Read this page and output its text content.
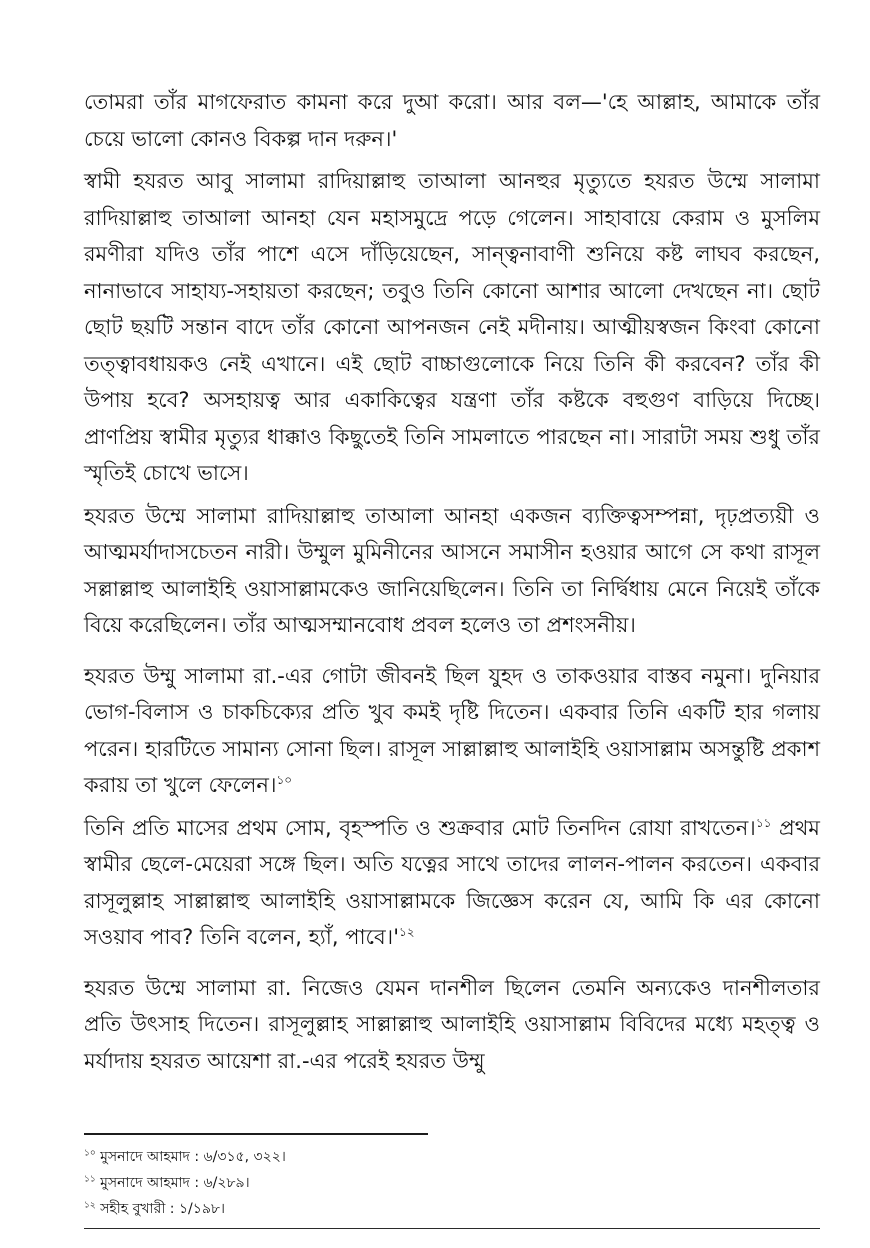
তোমরা তাঁর মাগফেরাত কামনা করে দুআ করো। আর বল—'হে আল্লাহ, আমাকে তাঁর চেয়ে ভালো কোনও বিকল্প দান দরুন।'

স্বামী হযরত আবু সালামা রাদিয়াল্লাহু তাআলা আনহুর মৃত্যুতে হযরত উম্মে সালামা রাদিয়াল্লাহু তাআলা আনহা যেন মহাসমুদ্রে পড়ে গেলেন। সাহাবায়ে কেরাম ও মুসলিম রমণীরা যদিও তাঁর পাশে এসে দাঁড়িয়েছেন, সান্ত্বনাবাণী শুনিয়ে কষ্ট লাঘব করছেন, নানাভাবে সাহায্য-সহায়তা করছেন; তবুও তিনি কোনো আশার আলো দেখছেন না। ছোট ছোট ছয়টি সন্তান বাদে তাঁর কোনো আপনজন নেই মদীনায়। আত্মীয়স্বজন কিংবা কোনো তত্ত্বাবধায়কও নেই এখানে। এই ছোট বাচ্চাগুলোকে নিয়ে তিনি কী করবেন? তাঁর কী উপায় হবে? অসহায়ত্ব আর একাকিত্বের যন্ত্রণা তাঁর কষ্টকে বহুগুণ বাড়িয়ে দিচ্ছে। প্রাণপ্রিয় স্বামীর মৃত্যুর ধাক্কাও কিছুতেই তিনি সামলাতে পারছেন না। সারাটা সময় শুধু তাঁর স্মৃতিই চোখে ভাসে।

হযরত উম্মে সালামা রাদিয়াল্লাহু তাআলা আনহা একজন ব্যক্তিত্বসম্পন্না, দৃঢ়প্রত্যয়ী ও আত্মমর্যাদাসচেতন নারী। উম্মুল মুমিনীনের আসনে সমাসীন হওয়ার আগে সে কথা রাসূল সল্লাল্লাহু আলাইহি ওয়াসাল্লামকেও জানিয়েছিলেন। তিনি তা নির্দ্বিধায় মেনে নিয়েই তাঁকে বিয়ে করেছিলেন। তাঁর আত্মসম্মানবোধ প্রবল হলেও তা প্রশংসনীয়।

হযরত উম্মু সালামা রা.-এর গোটা জীবনই ছিল যুহদ ও তাকওয়ার বাস্তব নমুনা। দুনিয়ার ভোগ-বিলাস ও চাকচিক্যের প্রতি খুব কমই দৃষ্টি দিতেন। একবার তিনি একটি হার গলায় পরেন। হারটিতে সামান্য সোনা ছিল। রাসূল সাল্লাল্লাহু আলাইহি ওয়াসাল্লাম অসন্তুষ্টি প্রকাশ করায় তা খুলে ফেলেন।$^{১০}$

তিনি প্রতি মাসের প্রথম সোম, বৃহস্পতি ও শুক্রবার মোট তিনদিন রোযা রাখতেন।$^{১১}$ প্রথম স্বামীর ছেলে-মেয়েরা সঙ্গে ছিল। অতি যত্নের সাথে তাদের লালন-পালন করতেন। একবার রাসূলুল্লাহ সাল্লাল্লাহু আলাইহি ওয়াসাল্লামকে জিজ্ঞেস করেন যে, আমি কি এর কোনো সওয়াব পাব? তিনি বলেন, হ্যাঁ, $পাবে।'^{১২}$

হযরত উম্মে সালামা রা. নিজেও যেমন দানশীল ছিলেন তেমনি অন্যকেও দানশীলতার প্রতি উৎসাহ দিতেন। রাসূলুল্লাহ সাল্লাল্লাহু আলাইহি ওয়াসাল্লাম বিবিদের মধ্যে মহত্ত্ব ও মর্যাদায় হযরত আয়েশা রা.-এর পরেই হযরত উম্মু

$^{১০}$ মুসনাদে আহমাদ : ৬/৩১৫, ৩২২।
$^{১১}$ মুসনাদে আহমাদ : ৬/২৮৯।
$^{১২}$ সহীহ বুখারী : ১/১৯৮।
